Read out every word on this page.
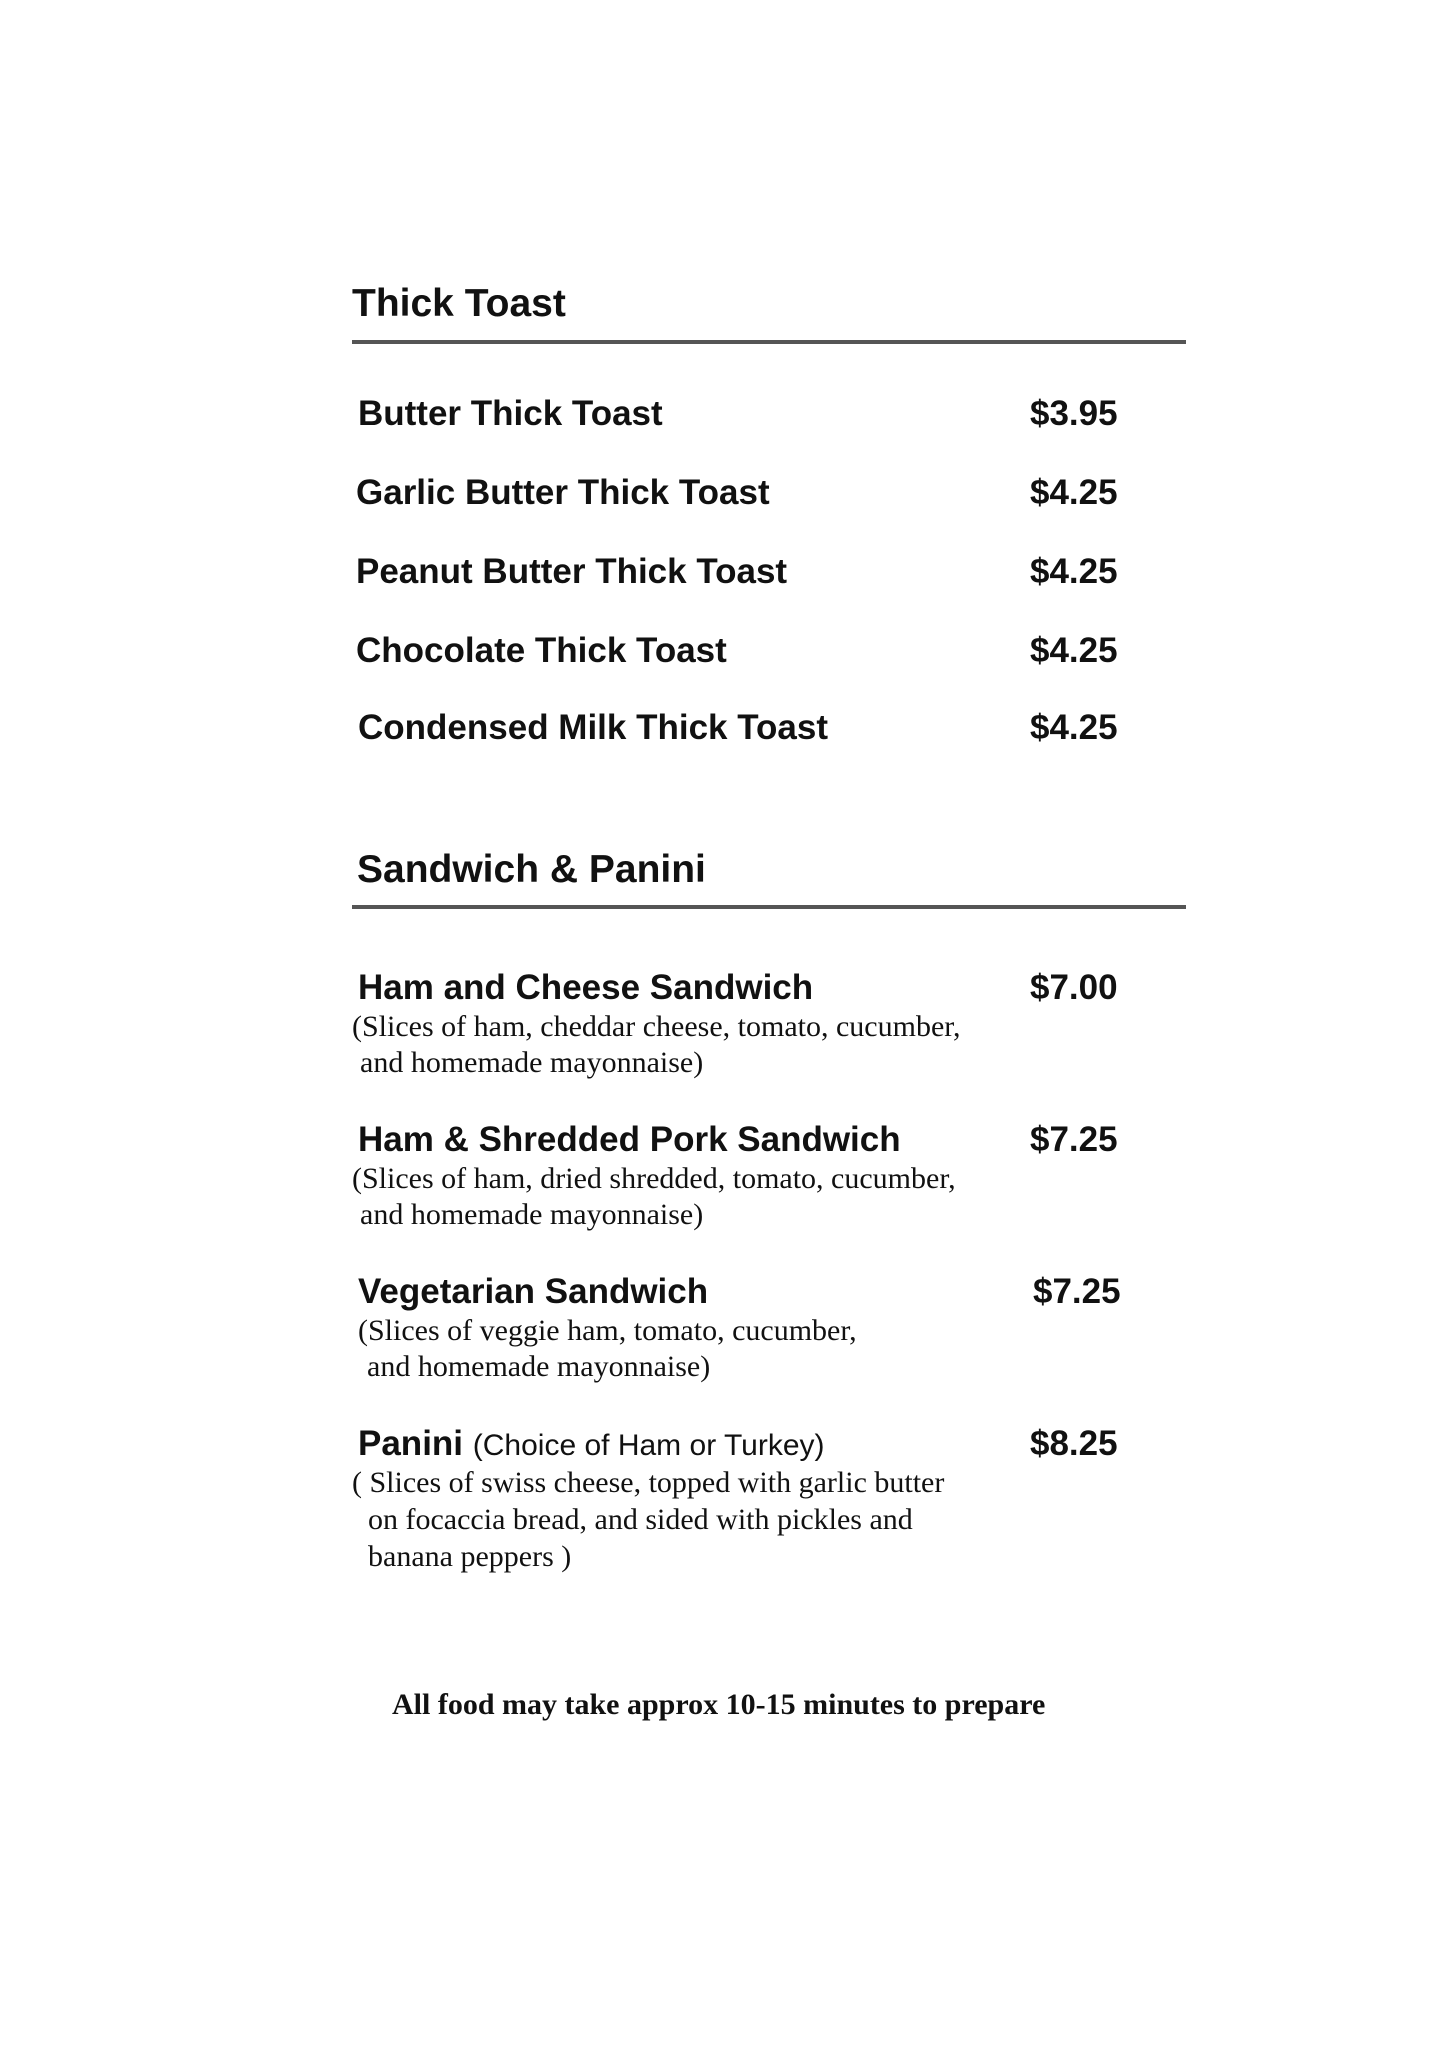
Thick Toast
Butter Thick Toast	$3.95
Garlic Butter Thick Toast	$4.25
Peanut Butter Thick Toast	$4.25
Chocolate Thick Toast	$4.25
Condensed Milk Thick Toast	$4.25
Sandwich & Panini
Ham and Cheese Sandwich	$7.00
(Slices of ham, cheddar cheese, tomato, cucumber,
and homemade mayonnaise)
Ham & Shredded Pork Sandwich	$7.25
(Slices of ham, dried shredded, tomato, cucumber,
and homemade mayonnaise)
Vegetarian Sandwich	$7.25
(Slices of veggie ham, tomato, cucumber,
and homemade mayonnaise)
Panini (Choice of Ham or Turkey)	$8.25
( Slices of swiss cheese, topped with garlic butter
on focaccia bread, and sided with pickles and
banana peppers )
All food may take approx 10-15 minutes to prepare
